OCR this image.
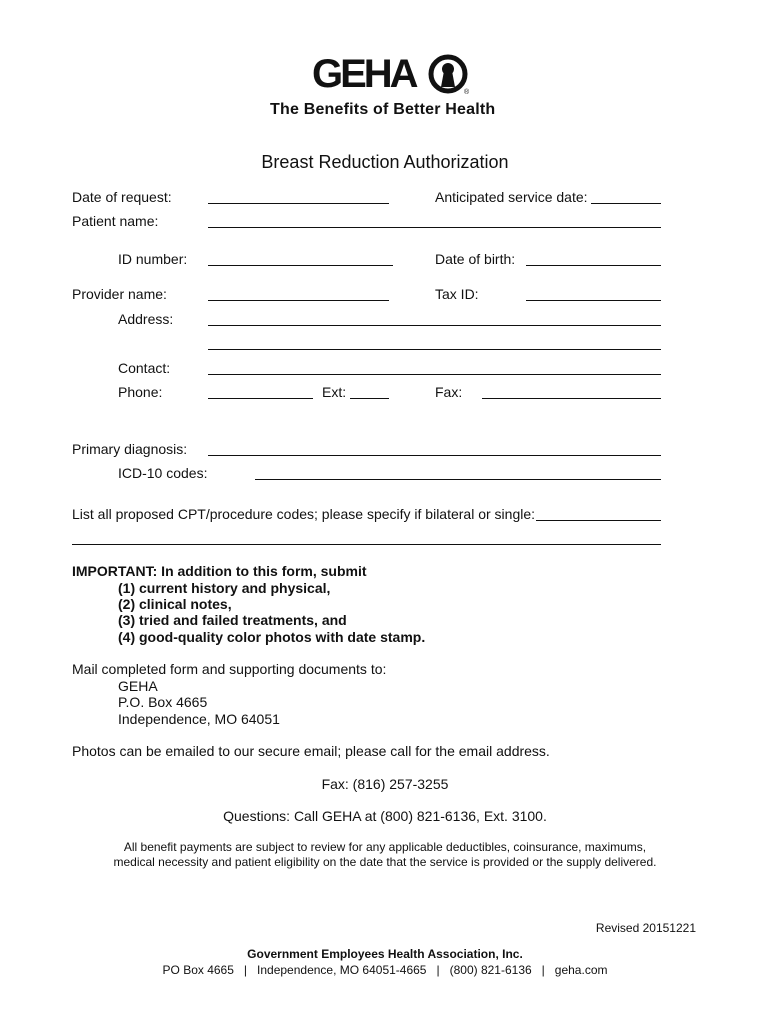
GEHA	®
The Benefits of Better Health
Breast Reduction Authorization
Date of request:	Anticipated service date:
Patient name:
ID number:	Date of birth:
Provider name:	Tax ID:
Address:
Contact:
Phone:	Ext:	Fax:
Primary diagnosis:
ICD-10 codes:
List all proposed CPT/procedure codes; please specify if bilateral or single:
IMPORTANT: In addition to this form, submit
(1) current history and physical,
(2) clinical notes,
(3) tried and failed treatments, and
(4) good-quality color photos with date stamp.
Mail completed form and supporting documents to:
GEHA
P.O. Box 4665
Independence, MO 64051
Photos can be emailed to our secure email; please call for the email address.
Fax: (816) 257-3255
Questions: Call GEHA at (800) 821-6136, Ext. 3100.
All benefit payments are subject to review for any applicable deductibles, coinsurance, maximums,
medical necessity and patient eligibility on the date that the service is provided or the supply delivered.
Revised 20151221
Government Employees Health Association, Inc.
PO Box 4665   |   Independence, MO 64051-4665   |   (800) 821-6136   |   geha.com
